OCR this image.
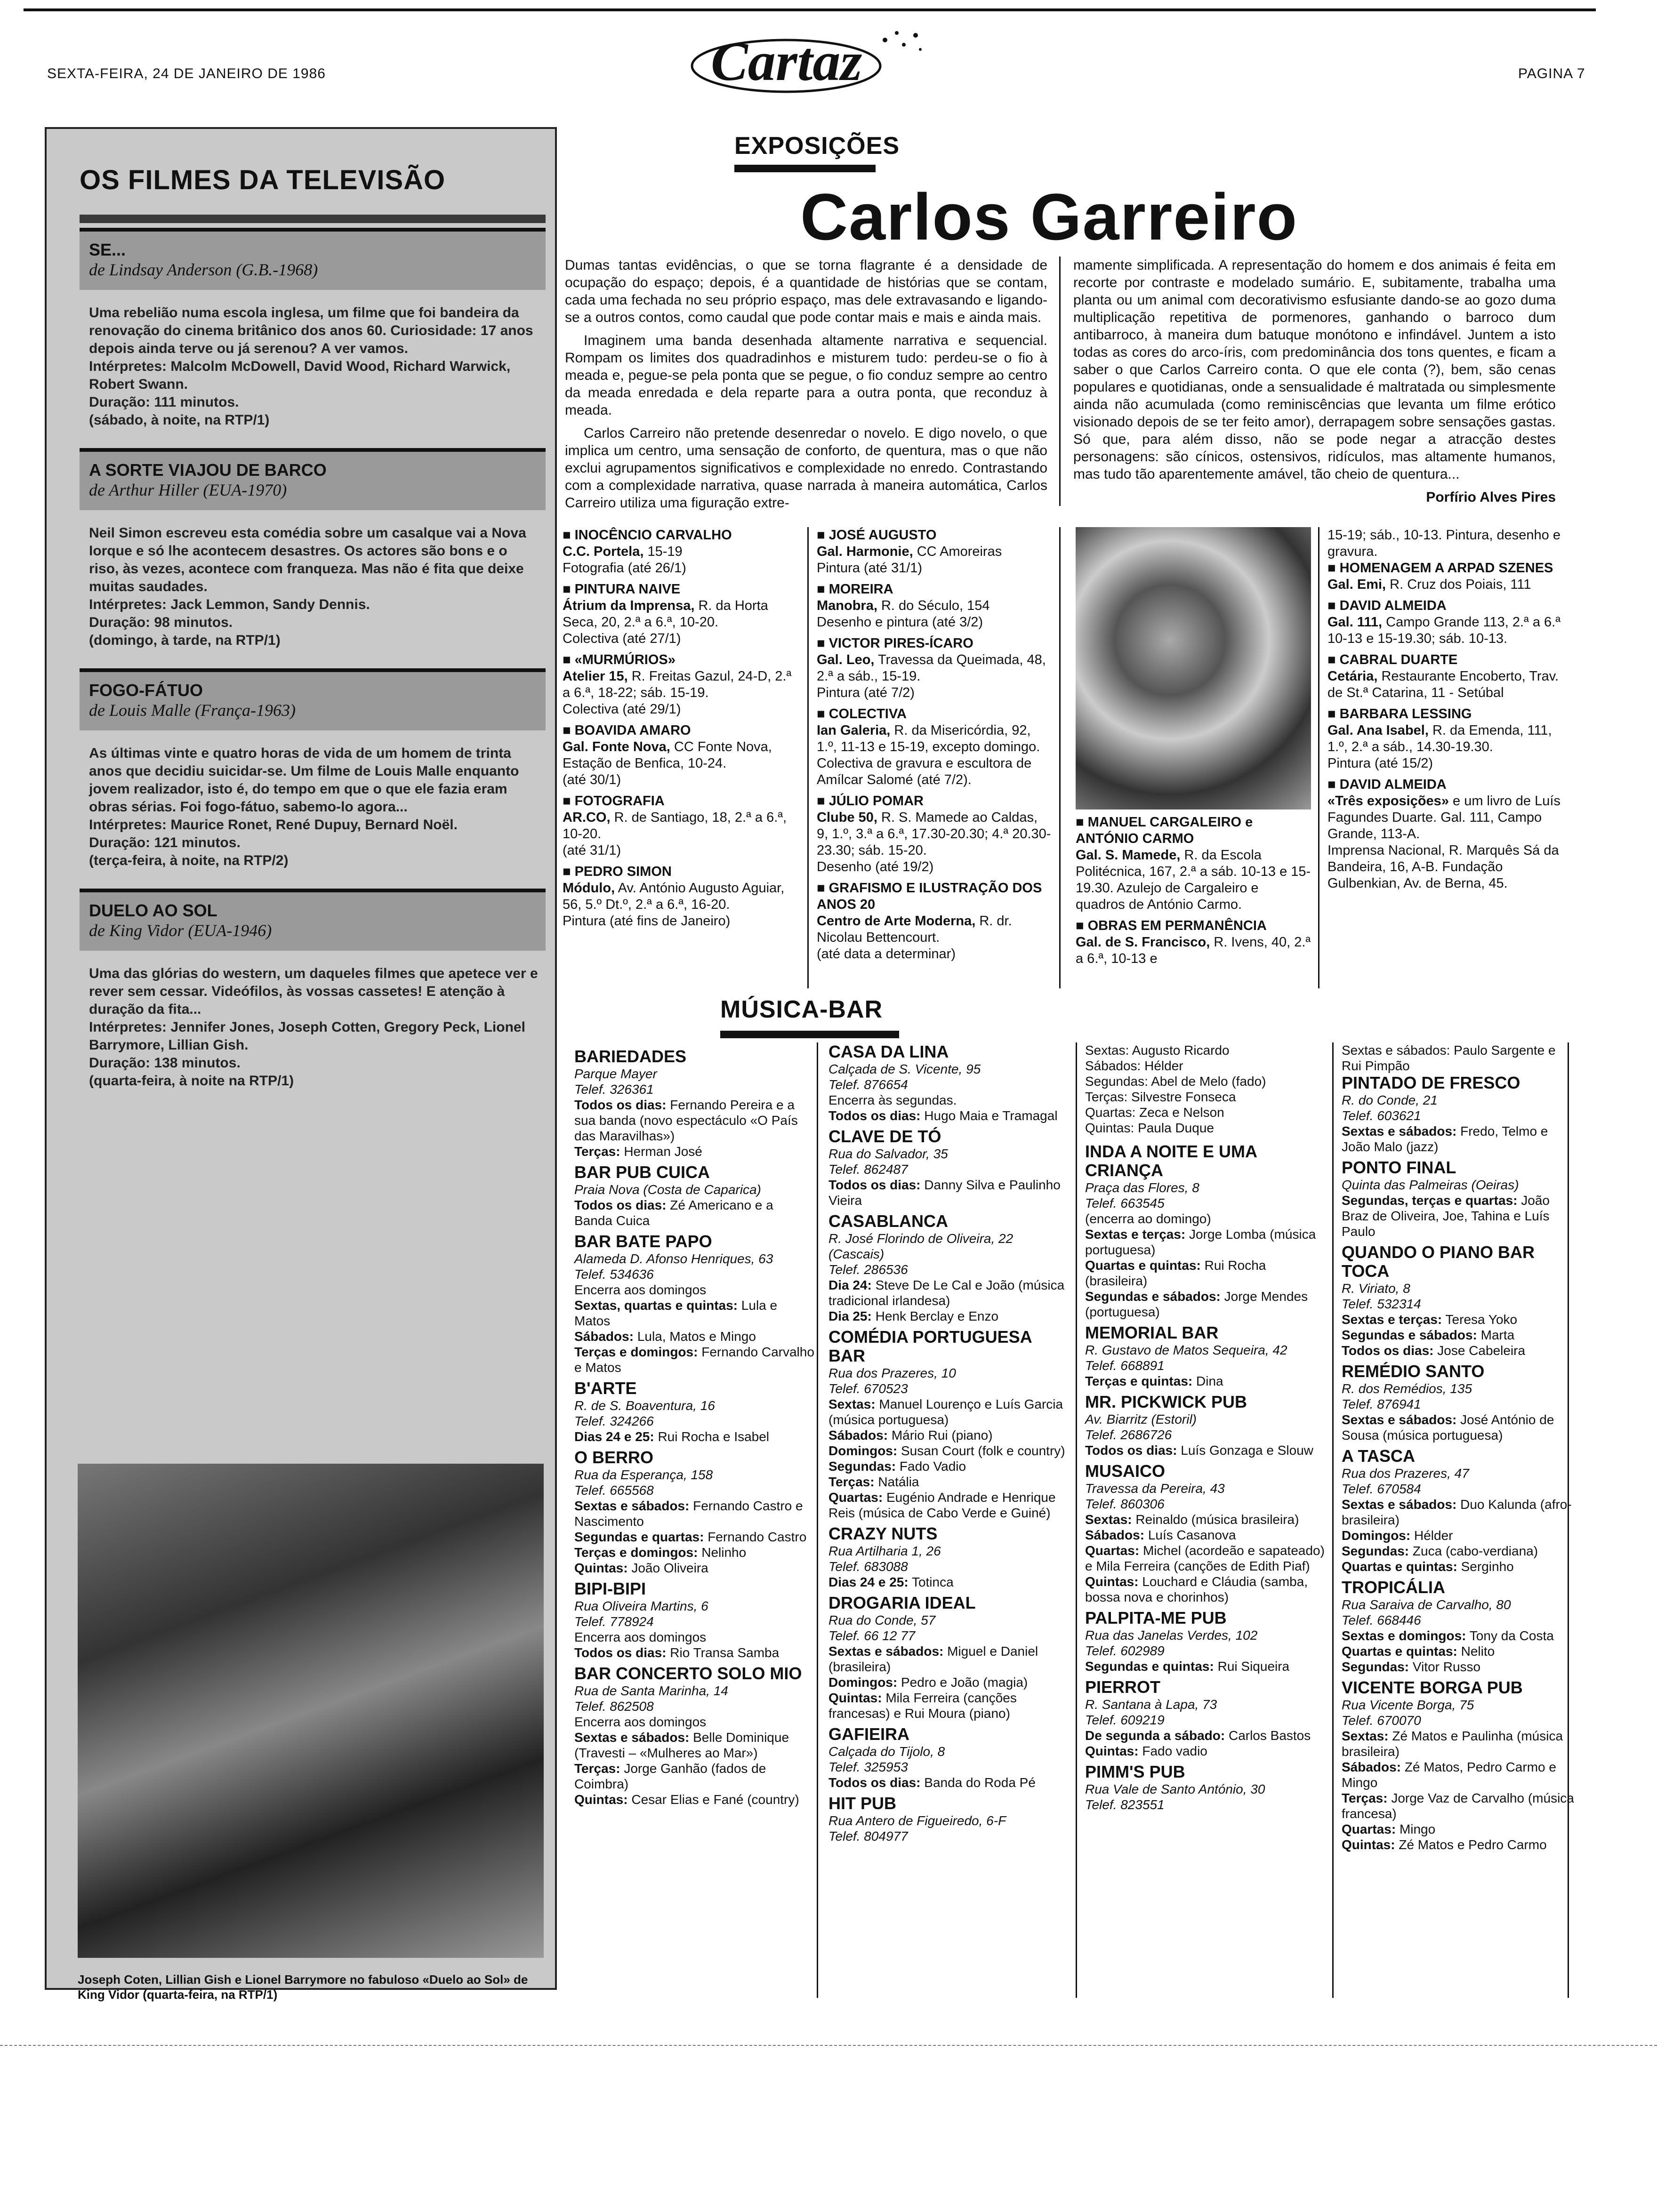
SEXTA-FEIRA, 24 DE JANEIRO DE 1986	Cartaz	PAGINA 7
OS FILMES DA TELEVISÃO
SE...
de Lindsay Anderson (G.B.-1968)
Uma rebelião numa escola inglesa, um filme que foi bandeira da renovação do cinema britânico dos anos 60. Curiosidade: 17 anos depois ainda terve ou já serenou? A ver vamos.
Intérpretes: Malcolm McDowell, David Wood, Richard Warwick, Robert Swann.
Duração: 111 minutos.
(sábado, à noite, na RTP/1)
A SORTE VIAJOU DE BARCO
de Arthur Hiller (EUA-1970)
Neil Simon escreveu esta comédia sobre um casalque vai a Nova Iorque e só lhe acontecem desastres. Os actores são bons e o riso, às vezes, acontece com franqueza. Mas não é fita que deixe muitas saudades.
Intérpretes: Jack Lemmon, Sandy Dennis.
Duração: 98 minutos.
(domingo, à tarde, na RTP/1)
FOGO-FÁTUO
de Louis Malle (França-1963)
As últimas vinte e quatro horas de vida de um homem de trinta anos que decidiu suicidar-se. Um filme de Louis Malle enquanto jovem realizador, isto é, do tempo em que o que ele fazia eram obras sérias. Foi fogo-fátuo, sabemo-lo agora...
Intérpretes: Maurice Ronet, René Dupuy, Bernard Noël.
Duração: 121 minutos.
(terça-feira, à noite, na RTP/2)
DUELO AO SOL
de King Vidor (EUA-1946)
Uma das glórias do western, um daqueles filmes que apetece ver e rever sem cessar. Videófilos, às vossas cassetes! E atenção à duração da fita...
Intérpretes: Jennifer Jones, Joseph Cotten, Gregory Peck, Lionel Barrymore, Lillian Gish.
Duração: 138 minutos.
(quarta-feira, à noite na RTP/1)
Joseph Coten, Lillian Gish e Lionel Barrymore no fabuloso «Duelo ao Sol» de King Vidor (quarta-feira, na RTP/1)
EXPOSIÇÕES
Carlos Garreiro

Dumas tantas evidências, o que se torna flagrante é a densidade de ocupação do espaço; depois, é a quantidade de histórias que se contam, cada uma fechada no seu próprio espaço, mas dele extravasando e ligando-se a outros contos, como caudal que pode contar mais e mais e ainda mais.

Imaginem uma banda desenhada altamente narrativa e sequencial. Rompam os limites dos quadradinhos e misturem tudo: perdeu-se o fio à meada e, pegue-se pela ponta que se pegue, o fio conduz sempre ao centro da meada enredada e dela reparte para a outra ponta, que reconduz à meada.

Carlos Carreiro não pretende desenredar o novelo. E digo novelo, o que implica um centro, uma sensação de conforto, de quentura, mas o que não exclui agrupamentos significativos e complexidade no enredo. Contrastando com a complexidade narrativa, quase narrada à maneira automática, Carlos Carreiro utiliza uma figuração extre-

mamente simplificada. A representação do homem e dos animais é feita em recorte por contraste e modelado sumário. E, subitamente, trabalha uma planta ou um animal com decorativismo esfusiante dando-se ao gozo duma multiplicação repetitiva de pormenores, ganhando o barroco dum antibarroco, à maneira dum batuque monótono e infindável. Juntem a isto todas as cores do arco-íris, com predominância dos tons quentes, e ficam a saber o que Carlos Carreiro conta. O que ele conta (?), bem, são cenas populares e quotidianas, onde a sensualidade é maltratada ou simplesmente ainda não acumulada (como reminiscências que levanta um filme erótico visionado depois de se ter feito amor), derrapagem sobre sensações gastas. Só que, para além disso, não se pode negar a atracção destes personagens: são cínicos, ostensivos, ridículos, mas altamente humanos, mas tudo tão aparentemente amável, tão cheio de quentura...

Porfírio Alves Pires
■ INOCÊNCIO CARVALHO
C.C. Portela, 15-19
Fotografia (até 26/1)
■ PINTURA NAIVE
Átrium da Imprensa, R. da Horta Seca, 20, 2.ª a 6.ª, 10-20.
Colectiva (até 27/1)
■ «MURMÚRIOS»
Atelier 15, R. Freitas Gazul, 24-D, 2.ª a 6.ª, 18-22; sáb. 15-19.
Colectiva (até 29/1)
■ BOAVIDA AMARO
Gal. Fonte Nova, CC Fonte Nova, Estação de Benfica, 10-24.
(até 30/1)
■ FOTOGRAFIA
AR.CO, R. de Santiago, 18, 2.ª a 6.ª, 10-20.
(até 31/1)
■ PEDRO SIMON
Módulo, Av. António Augusto Aguiar, 56, 5.º Dt.º, 2.ª a 6.ª, 16-20.
Pintura (até fins de Janeiro)
■ JOSÉ AUGUSTO
Gal. Harmonie, CC Amoreiras
Pintura (até 31/1)
■ MOREIRA
Manobra, R. do Século, 154
Desenho e pintura (até 3/2)
■ VICTOR PIRES-ÍCARO
Gal. Leo, Travessa da Queimada, 48, 2.ª a sáb., 15-19.
Pintura (até 7/2)
■ COLECTIVA
Ian Galeria, R. da Misericórdia, 92, 1.º, 11-13 e 15-19, excepto domingo.
Colectiva de gravura e escultora de Amílcar Salomé (até 7/2).
■ JÚLIO POMAR
Clube 50, R. S. Mamede ao Caldas, 9, 1.º, 3.ª a 6.ª, 17.30-20.30; 4.ª 20.30-23.30; sáb. 15-20.
Desenho (até 19/2)
■ GRAFISMO E ILUSTRAÇÃO DOS ANOS 20
Centro de Arte Moderna, R. dr. Nicolau Bettencourt.
(até data a determinar)
■ MANUEL CARGALEIRO e ANTÓNIO CARMO
Gal. S. Mamede, R. da Escola Politécnica, 167, 2.ª a sáb. 10-13 e 15-19.30. Azulejo de Cargaleiro e quadros de António Carmo.
■ OBRAS EM PERMANÊNCIA
Gal. de S. Francisco, R. Ivens, 40, 2.ª a 6.ª, 10-13 e
15-19; sáb., 10-13. Pintura, desenho e gravura.
■ HOMENAGEM A ARPAD SZENES
Gal. Emi, R. Cruz dos Poiais, 111
■ DAVID ALMEIDA
Gal. 111, Campo Grande 113, 2.ª a 6.ª 10-13 e 15-19.30; sáb. 10-13.
■ CABRAL DUARTE
Cetária, Restaurante Encoberto, Trav. de St.ª Catarina, 11 - Setúbal
■ BARBARA LESSING
Gal. Ana Isabel, R. da Emenda, 111, 1.º, 2.ª a sáb., 14.30-19.30.
Pintura (até 15/2)
■ DAVID ALMEIDA
«Três exposições» e um livro de Luís Fagundes Duarte. Gal. 111, Campo Grande, 113-A.
Imprensa Nacional, R. Marquês Sá da Bandeira, 16, A-B. Fundação Gulbenkian, Av. de Berna, 45.
MÚSICA-BAR
BARIEDADES
Parque Mayer
Telef. 326361
Todos os dias: Fernando Pereira e a sua banda (novo espectáculo «O País das Maravilhas»)
Terças: Herman José
BAR PUB CUICA
Praia Nova (Costa de Caparica)
Todos os dias: Zé Americano e a Banda Cuica
BAR BATE PAPO
Alameda D. Afonso Henriques, 63
Telef. 534636
Encerra aos domingos
Sextas, quartas e quintas: Lula e Matos
Sábados: Lula, Matos e Mingo
Terças e domingos: Fernando Carvalho e Matos
B'ARTE
R. de S. Boaventura, 16
Telef. 324266
Dias 24 e 25: Rui Rocha e Isabel
O BERRO
Rua da Esperança, 158
Telef. 665568
Sextas e sábados: Fernando Castro e Nascimento
Segundas e quartas: Fernando Castro
Terças e domingos: Nelinho
Quintas: João Oliveira
BIPI-BIPI
Rua Oliveira Martins, 6
Telef. 778924
Encerra aos domingos
Todos os dias: Rio Transa Samba
BAR CONCERTO SOLO MIO
Rua de Santa Marinha, 14
Telef. 862508
Encerra aos domingos
Sextas e sábados: Belle Dominique (Travesti – «Mulheres ao Mar»)
Terças: Jorge Ganhão (fados de Coimbra)
Quintas: Cesar Elias e Fané (country)
CASA DA LINA
Calçada de S. Vicente, 95
Telef. 876654
Encerra às segundas.
Todos os dias: Hugo Maia e Tramagal
CLAVE DE TÓ
Rua do Salvador, 35
Telef. 862487
Todos os dias: Danny Silva e Paulinho Vieira
CASABLANCA
R. José Florindo de Oliveira, 22 (Cascais)
Telef. 286536
Dia 24: Steve De Le Cal e João (música tradicional irlandesa)
Dia 25: Henk Berclay e Enzo
COMÉDIA PORTUGUESA BAR
Rua dos Prazeres, 10
Telef. 670523
Sextas: Manuel Lourenço e Luís Garcia (música portuguesa)
Sábados: Mário Rui (piano)
Domingos: Susan Court (folk e country)
Segundas: Fado Vadio
Terças: Natália
Quartas: Eugénio Andrade e Henrique Reis (música de Cabo Verde e Guiné)
CRAZY NUTS
Rua Artilharia 1, 26
Telef. 683088
Dias 24 e 25: Totinca
DROGARIA IDEAL
Rua do Conde, 57
Telef. 66 12 77
Sextas e sábados: Miguel e Daniel (brasileira)
Domingos: Pedro e João (magia)
Quintas: Mila Ferreira (canções francesas) e Rui Moura (piano)
GAFIEIRA
Calçada do Tijolo, 8
Telef. 325953
Todos os dias: Banda do Roda Pé
HIT PUB
Rua Antero de Figueiredo, 6-F
Telef. 804977
Sextas: Augusto Ricardo
Sábados: Hélder
Segundas: Abel de Melo (fado)
Terças: Silvestre Fonseca
Quartas: Zeca e Nelson
Quintas: Paula Duque
INDA A NOITE E UMA CRIANÇA
Praça das Flores, 8
Telef. 663545
(encerra ao domingo)
Sextas e terças: Jorge Lomba (música portuguesa)
Quartas e quintas: Rui Rocha (brasileira)
Segundas e sábados: Jorge Mendes (portuguesa)
MEMORIAL BAR
R. Gustavo de Matos Sequeira, 42
Telef. 668891
Terças e quintas: Dina
MR. PICKWICK PUB
Av. Biarritz (Estoril)
Telef. 2686726
Todos os dias: Luís Gonzaga e Slouw
MUSAICO
Travessa da Pereira, 43
Telef. 860306
Sextas: Reinaldo (música brasileira)
Sábados: Luís Casanova
Quartas: Michel (acordeão e sapateado) e Mila Ferreira (canções de Edith Piaf)
Quintas: Louchard e Cláudia (samba, bossa nova e chorinhos)
PALPITA-ME PUB
Rua das Janelas Verdes, 102
Telef. 602989
Segundas e quintas: Rui Siqueira
PIERROT
R. Santana à Lapa, 73
Telef. 609219
De segunda a sábado: Carlos Bastos
Quintas: Fado vadio
PIMM'S PUB
Rua Vale de Santo António, 30
Telef. 823551
Sextas e sábados: Paulo Sargente e Rui Pimpão
PINTADO DE FRESCO
R. do Conde, 21
Telef. 603621
Sextas e sábados: Fredo, Telmo e João Malo (jazz)
PONTO FINAL
Quinta das Palmeiras (Oeiras)
Segundas, terças e quartas: João Braz de Oliveira, Joe, Tahina e Luís Paulo
QUANDO O PIANO BAR TOCA
R. Viriato, 8
Telef. 532314
Sextas e terças: Teresa Yoko
Segundas e sábados: Marta
Todos os dias: Jose Cabeleira
REMÉDIO SANTO
R. dos Remédios, 135
Telef. 876941
Sextas e sábados: José António de Sousa (música portuguesa)
A TASCA
Rua dos Prazeres, 47
Telef. 670584
Sextas e sábados: Duo Kalunda (afro-brasileira)
Domingos: Hélder
Segundas: Zuca (cabo-verdiana)
Quartas e quintas: Serginho
TROPICÁLIA
Rua Saraiva de Carvalho, 80
Telef. 668446
Sextas e domingos: Tony da Costa
Quartas e quintas: Nelito
Segundas: Vitor Russo
VICENTE BORGA PUB
Rua Vicente Borga, 75
Telef. 670070
Sextas: Zé Matos e Paulinha (música brasileira)
Sábados: Zé Matos, Pedro Carmo e Mingo
Terças: Jorge Vaz de Carvalho (música francesa)
Quartas: Mingo
Quintas: Zé Matos e Pedro Carmo
